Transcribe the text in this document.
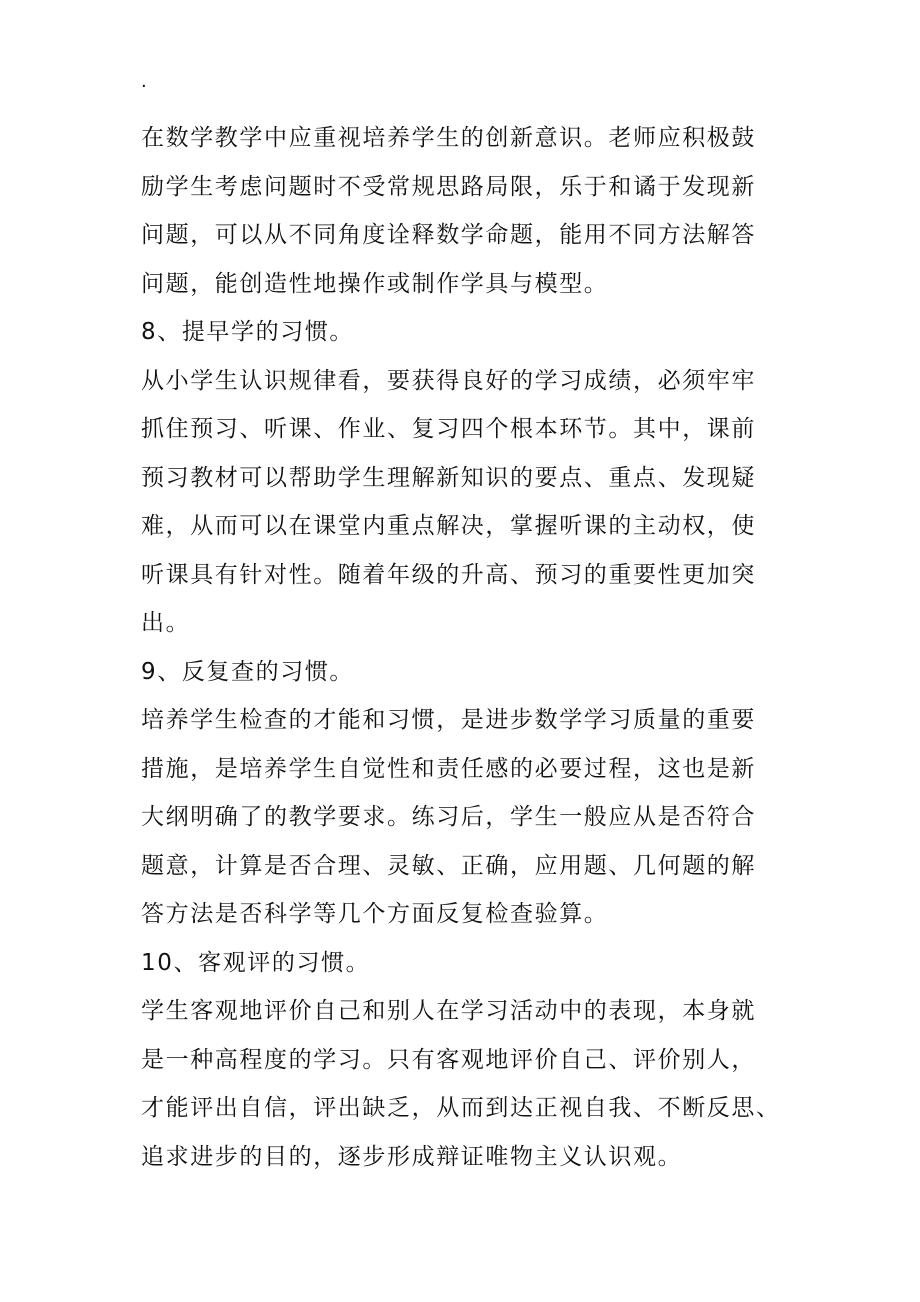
.
在数学教学中应重视培养学生的创新意识。老师应积极鼓
励学生考虑问题时不受常规思路局限，乐于和谲于发现新
问题，可以从不同角度诠释数学命题，能用不同方法解答
问题，能创造性地操作或制作学具与模型。
8、提早学的习惯。
从小学生认识规律看，要获得良好的学习成绩，必须牢牢
抓住预习、听课、作业、复习四个根本环节。其中，课前
预习教材可以帮助学生理解新知识的要点、重点、发现疑
难，从而可以在课堂内重点解决，掌握听课的主动权，使
听课具有针对性。随着年级的升高、预习的重要性更加突
出。
9、反复查的习惯。
培养学生检查的才能和习惯，是进步数学学习质量的重要
措施，是培养学生自觉性和责任感的必要过程，这也是新
大纲明确了的教学要求。练习后，学生一般应从是否符合
题意，计算是否合理、灵敏、正确，应用题、几何题的解
答方法是否科学等几个方面反复检查验算。
10、客观评的习惯。
学生客观地评价自己和别人在学习活动中的表现，本身就
是一种高程度的学习。只有客观地评价自己、评价别人，
才能评出自信，评出缺乏，从而到达正视自我、不断反思、
追求进步的目的，逐步形成辩证唯物主义认识观。
